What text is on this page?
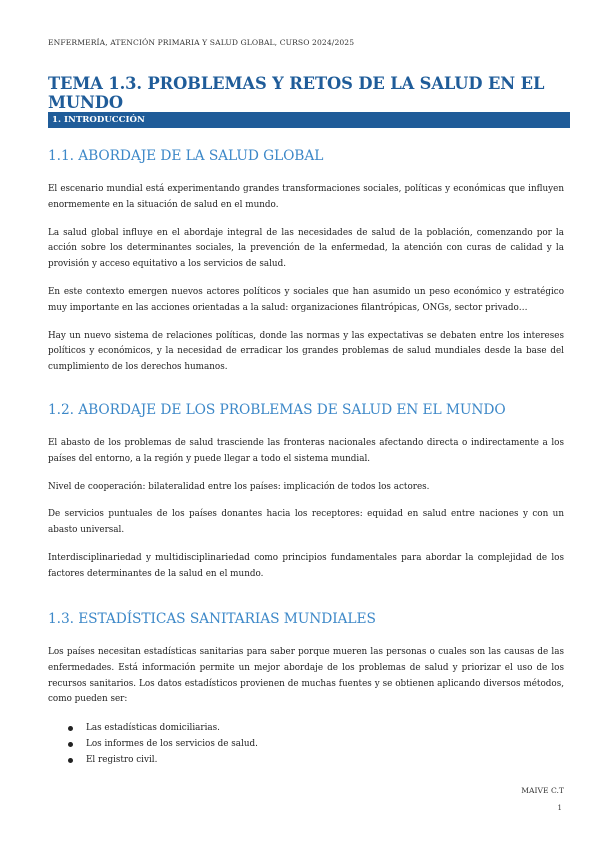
ENFERMERÍA, ATENCIÓN PRIMARIA Y SALUD GLOBAL, CURSO 2024/2025
TEMA 1.3. PROBLEMAS Y RETOS DE LA SALUD EN EL MUNDO
1. INTRODUCCIÓN
1.1. ABORDAJE DE LA SALUD GLOBAL

El escenario mundial está experimentando grandes transformaciones sociales, políticas y económicas que influyen enormemente en la situación de salud en el mundo.

La salud global influye en el abordaje integral de las necesidades de salud de la población, comenzando por la acción sobre los determinantes sociales, la prevención de la enfermedad, la atención con curas de calidad y la provisión y acceso equitativo a los servicios de salud.

En este contexto emergen nuevos actores políticos y sociales que han asumido un peso económico y estratégico muy importante en las acciones orientadas a la salud: organizaciones filantrópicas, ONGs, sector privado…

Hay un nuevo sistema de relaciones políticas, donde las normas y las expectativas se debaten entre los intereses políticos y económicos, y la necesidad de erradicar los grandes problemas de salud mundiales desde la base del cumplimiento de los derechos humanos.

1.2. ABORDAJE DE LOS PROBLEMAS DE SALUD EN EL MUNDO

El abasto de los problemas de salud trasciende las fronteras nacionales afectando directa o indirectamente a los países del entorno, a la región y puede llegar a todo el sistema mundial.

Nivel de cooperación: bilateralidad entre los países: implicación de todos los actores.

De servicios puntuales de los países donantes hacia los receptores: equidad en salud entre naciones y con un abasto universal.

Interdisciplinariedad y multidisciplinariedad como principios fundamentales para abordar la complejidad de los factores determinantes de la salud en el mundo.

1.3. ESTADÍSTICAS SANITARIAS MUNDIALES

Los países necesitan estadísticas sanitarias para saber porque mueren las personas o cuales son las causas de las enfermedades. Está información permite un mejor abordaje de los problemas de salud y priorizar el uso de los recursos sanitarios. Los datos estadísticos provienen de muchas fuentes y se obtienen aplicando diversos métodos, como pueden ser:

Las estadísticas domiciliarias.
Los informes de los servicios de salud.
El registro civil.
MAIVE C.T
1
